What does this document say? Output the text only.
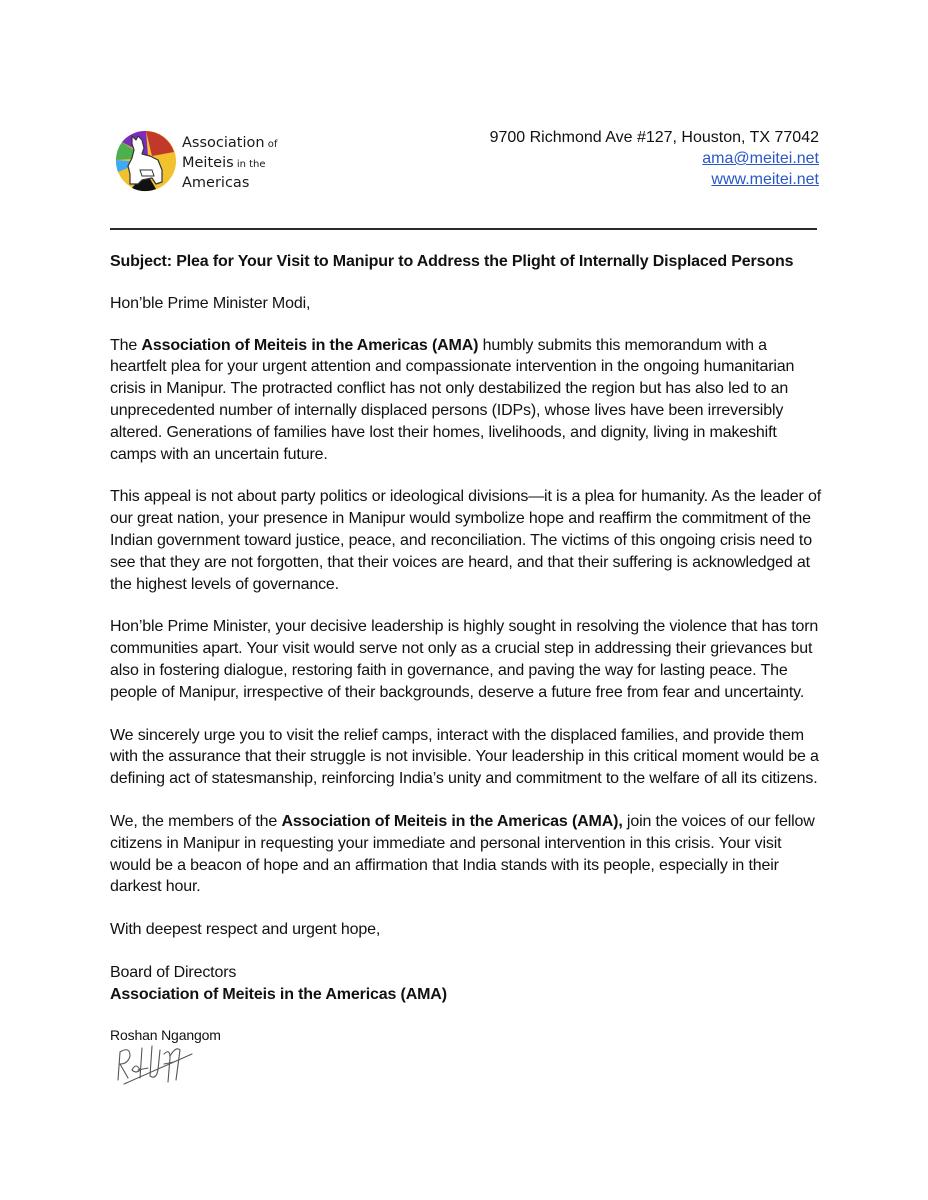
Association of
Meiteis in the
Americas
9700 Richmond Ave #127, Houston, TX 77042
ama@meitei.net
www.meitei.net

Subject: Plea for Your Visit to Manipur to Address the Plight of Internally Displaced Persons

Hon’ble Prime Minister Modi,

The Association of Meiteis in the Americas (AMA) humbly submits this memorandum with a heartfelt plea for your urgent attention and compassionate intervention in the ongoing humanitarian crisis in Manipur. The protracted conflict has not only destabilized the region but has also led to an unprecedented number of internally displaced persons (IDPs), whose lives have been irreversibly altered. Generations of families have lost their homes, livelihoods, and dignity, living in makeshift camps with an uncertain future.

This appeal is not about party politics or ideological divisions—it is a plea for humanity. As the leader of our great nation, your presence in Manipur would symbolize hope and reaffirm the commitment of the Indian government toward justice, peace, and reconciliation. The victims of this ongoing crisis need to see that they are not forgotten, that their voices are heard, and that their suffering is acknowledged at the highest levels of governance.

Hon’ble Prime Minister, your decisive leadership is highly sought in resolving the violence that has torn communities apart. Your visit would serve not only as a crucial step in addressing their grievances but also in fostering dialogue, restoring faith in governance, and paving the way for lasting peace. The people of Manipur, irrespective of their backgrounds, deserve a future free from fear and uncertainty.

We sincerely urge you to visit the relief camps, interact with the displaced families, and provide them with the assurance that their struggle is not invisible. Your leadership in this critical moment would be a defining act of statesmanship, reinforcing India’s unity and commitment to the welfare of all its citizens.

We, the members of the Association of Meiteis in the Americas (AMA), join the voices of our fellow citizens in Manipur in requesting your immediate and personal intervention in this crisis. Your visit would be a beacon of hope and an affirmation that India stands with its people, especially in their darkest hour.

With deepest respect and urgent hope,

Board of Directors

Association of Meiteis in the Americas (AMA)

Roshan Ngangom
